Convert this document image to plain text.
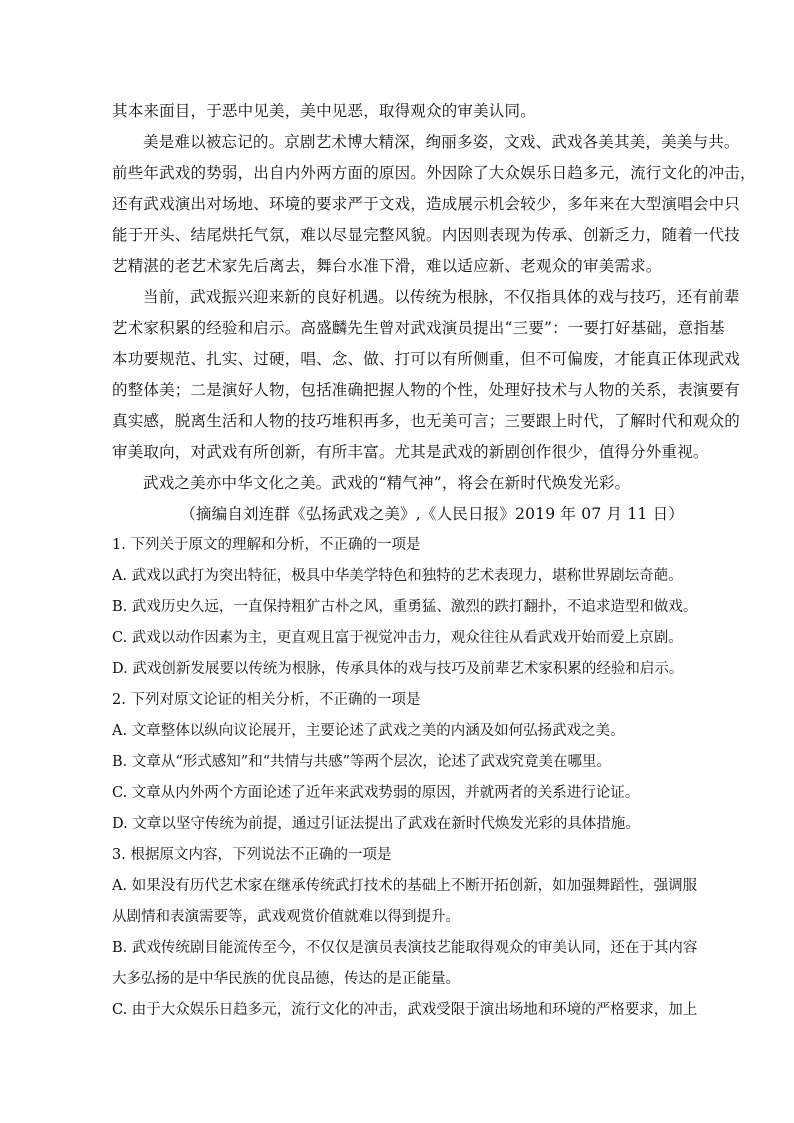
其本来面目，于恶中见美，美中见恶，取得观众的审美认同。
美是难以被忘记的。京剧艺术博大精深，绚丽多姿，文戏、武戏各美其美，美美与共。
前些年武戏的势弱，出自内外两方面的原因。外因除了大众娱乐日趋多元，流行文化的冲击，
还有武戏演出对场地、环境的要求严于文戏，造成展示机会较少，多年来在大型演唱会中只
能于开头、结尾烘托气氛，难以尽显完整风貌。内因则表现为传承、创新乏力，随着一代技
艺精湛的老艺术家先后离去，舞台水准下滑，难以适应新、老观众的审美需求。
当前，武戏振兴迎来新的良好机遇。以传统为根脉，不仅指具体的戏与技巧，还有前辈
艺术家积累的经验和启示。高盛麟先生曾对武戏演员提出“三要”：一要打好基础，意指基
本功要规范、扎实、过硬，唱、念、做、打可以有所侧重，但不可偏废，才能真正体现武戏
的整体美；二是演好人物，包括准确把握人物的个性，处理好技术与人物的关系，表演要有
真实感，脱离生活和人物的技巧堆积再多，也无美可言；三要跟上时代，了解时代和观众的
审美取向，对武戏有所创新，有所丰富。尤其是武戏的新剧创作很少，值得分外重视。
武戏之美亦中华文化之美。武戏的“精气神”，将会在新时代焕发光彩。
（摘编自刘连群《弘扬武戏之美》,《人民日报》2019 年 07 月 11 日）
1. 下列关于原文的理解和分析，不正确的一项是
A. 武戏以武打为突出特征，极具中华美学特色和独特的艺术表现力，堪称世界剧坛奇葩。
B. 武戏历史久远，一直保持粗犷古朴之风，重勇猛、激烈的跌打翻扑，不追求造型和做戏。
C. 武戏以动作因素为主，更直观且富于视觉冲击力，观众往往从看武戏开始而爱上京剧。
D. 武戏创新发展要以传统为根脉，传承具体的戏与技巧及前辈艺术家积累的经验和启示。
2. 下列对原文论证的相关分析，不正确的一项是
A. 文章整体以纵向议论展开，主要论述了武戏之美的内涵及如何弘扬武戏之美。
B. 文章从“形式感知”和“共情与共感”等两个层次，论述了武戏究竟美在哪里。
C. 文章从内外两个方面论述了近年来武戏势弱的原因，并就两者的关系进行论证。
D. 文章以坚守传统为前提，通过引证法提出了武戏在新时代焕发光彩的具体措施。
3. 根据原文内容，下列说法不正确的一项是
A. 如果没有历代艺术家在继承传统武打技术的基础上不断开拓创新，如加强舞蹈性，强调服
从剧情和表演需要等，武戏观赏价值就难以得到提升。
B. 武戏传统剧目能流传至今，不仅仅是演员表演技艺能取得观众的审美认同，还在于其内容
大多弘扬的是中华民族的优良品德，传达的是正能量。
C. 由于大众娱乐日趋多元，流行文化的冲击，武戏受限于演出场地和环境的严格要求，加上
